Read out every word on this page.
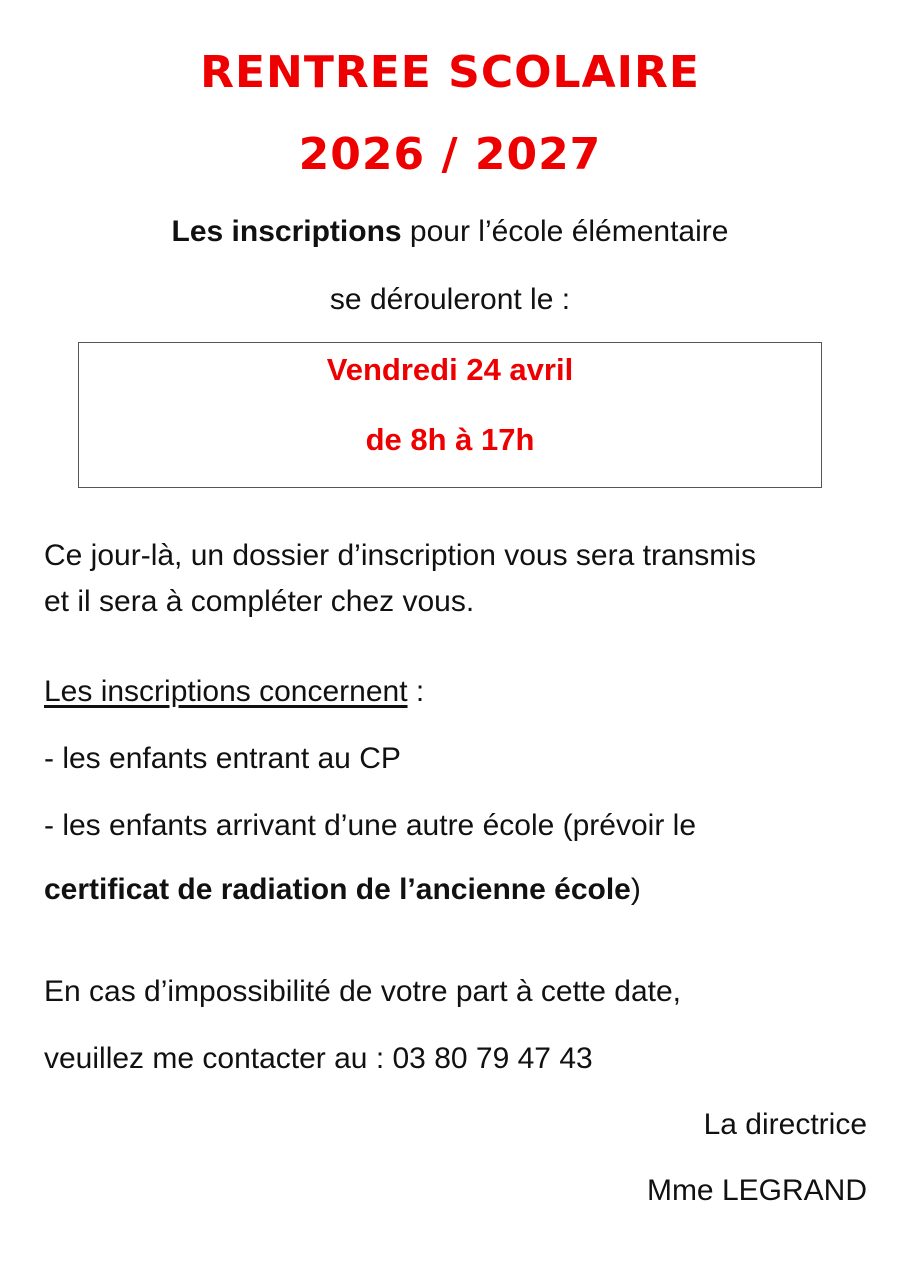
RENTREE SCOLAIRE
2026 / 2027
Les inscriptions pour l’école élémentaire
se dérouleront le :
Vendredi 24 avril
de 8h à 17h
Ce jour-là, un dossier d’inscription vous sera transmis
et il sera à compléter chez vous.
Les inscriptions concernent :
- les enfants entrant au CP
- les enfants arrivant d’une autre école (prévoir le
certificat de radiation de l’ancienne école)
En cas d’impossibilité de votre part à cette date,
veuillez me contacter au : 03 80 79 47 43
La directrice
Mme LEGRAND
